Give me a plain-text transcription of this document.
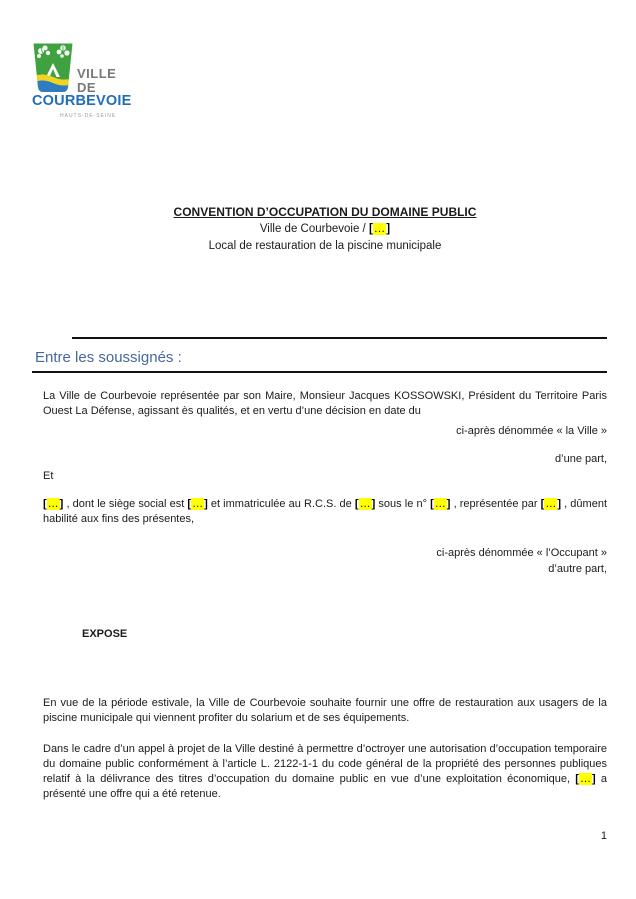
VILLE
DE
COURBEVOIE
HAUTS-DE-SEINE
CONVENTION D’OCCUPATION DU DOMAINE PUBLIC
Ville de Courbevoie / […]
Local de restauration de la piscine municipale
Entre les soussignés :
La Ville de Courbevoie représentée par son Maire, Monsieur Jacques KOSSOWSKI, Président du Territoire Paris Ouest La Défense, agissant ès qualités, et en vertu d’une décision en date du
ci-après dénommée « la Ville »
d’une part,
Et
[…] , dont le siège social est […] et immatriculée au R.C.S. de […] sous le n° […] , représentée par […] , dûment habilité aux fins des présentes,
ci-après dénommée « l’Occupant »
d’autre part,
EXPOSE
En vue de la période estivale, la Ville de Courbevoie souhaite fournir une offre de restauration aux usagers de la piscine municipale qui viennent profiter du solarium et de ses équipements.
Dans le cadre d’un appel à projet de la Ville destiné à permettre d’octroyer une autorisation d’occupation temporaire du domaine public conformément à l’article L. 2122-1-1 du code général de la propriété des personnes publiques relatif à la délivrance des titres d’occupation du domaine public en vue d’une exploitation économique, […] a présenté une offre qui a été retenue.
1
